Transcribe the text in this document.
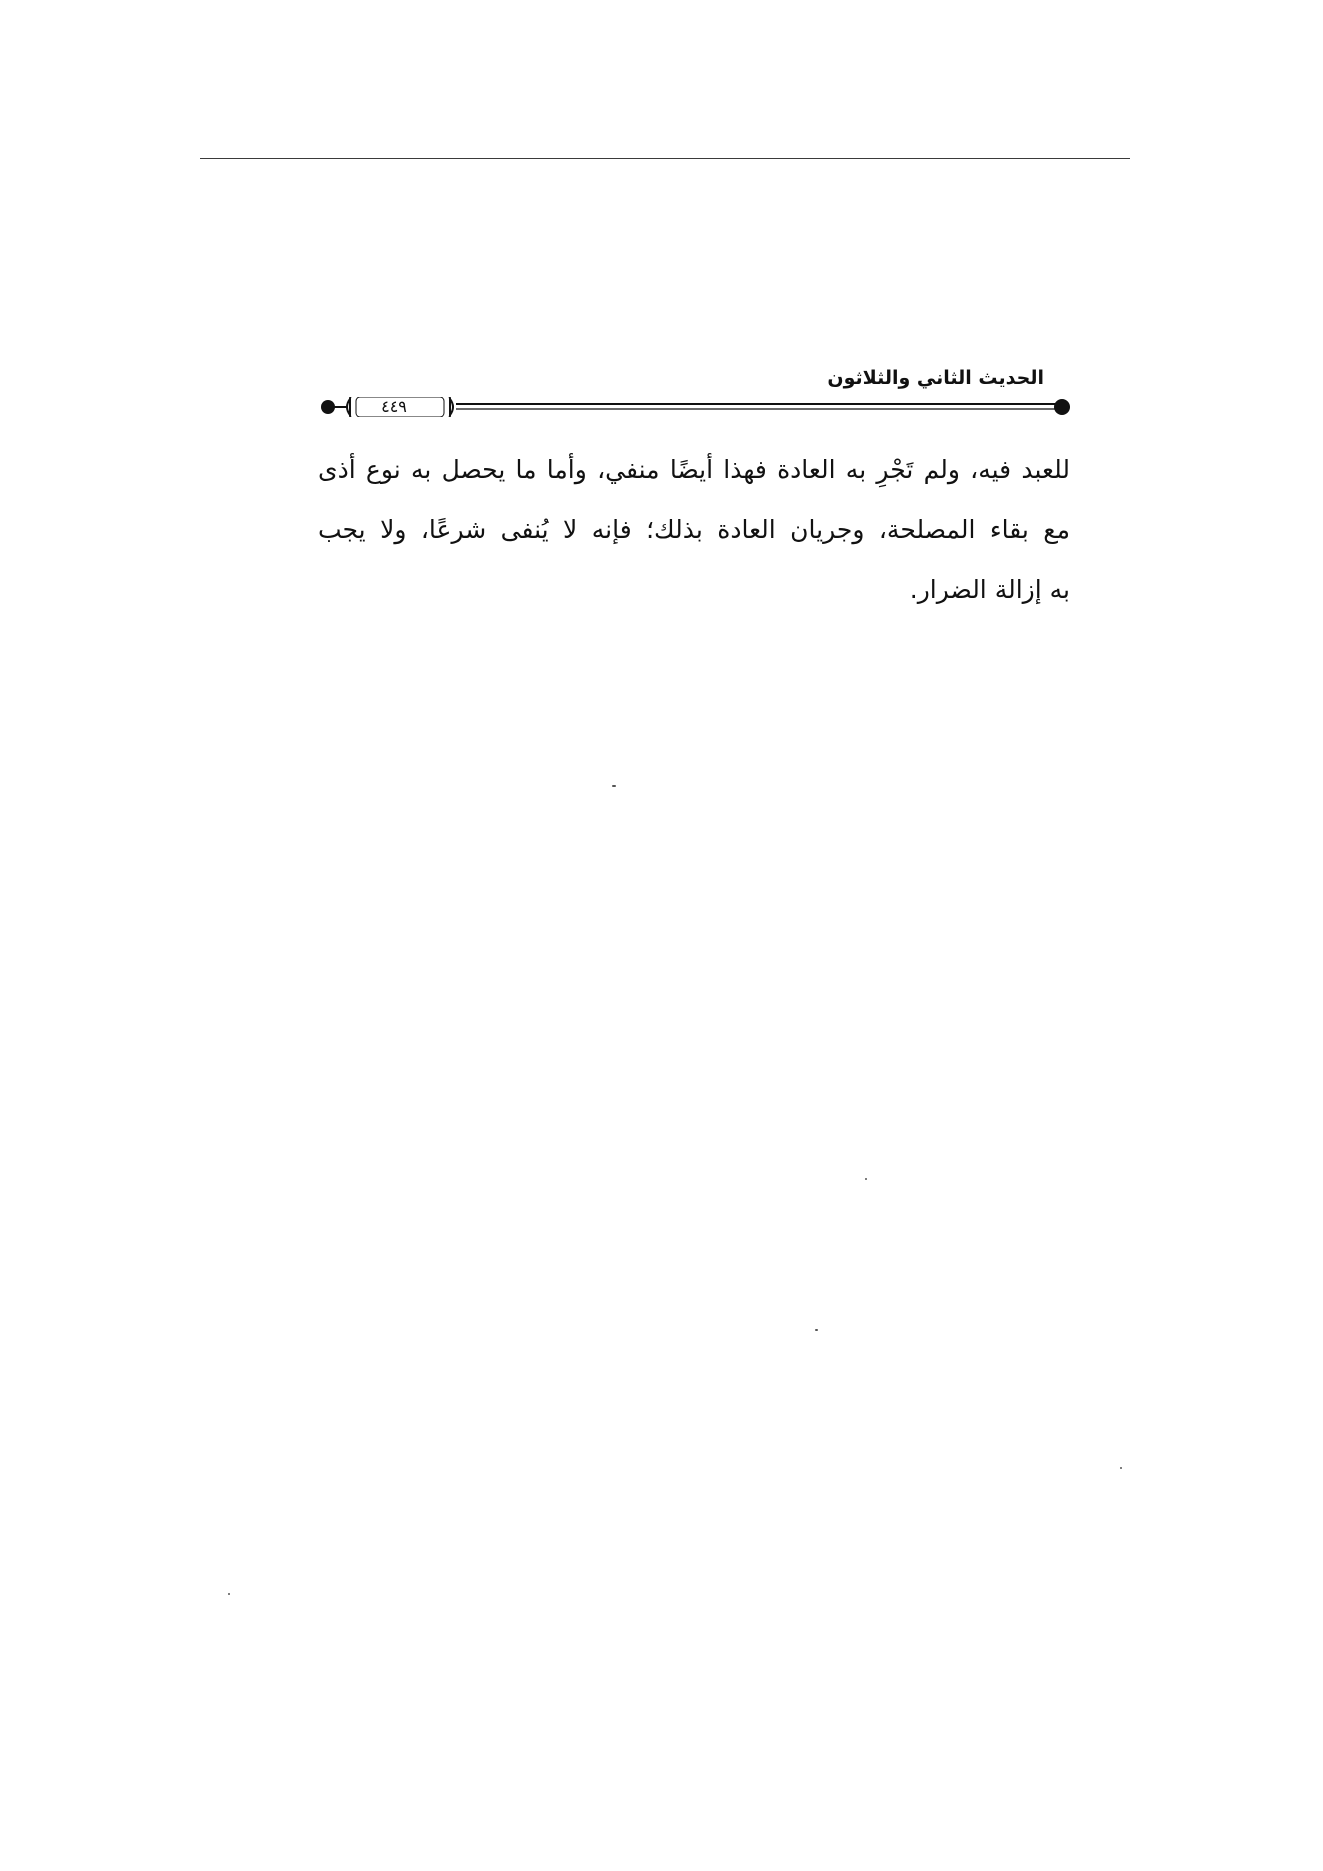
الحديث الثاني والثلاثون
٤٤٩
للعبد فيه، ولم تَجْرِ به العادة فهذا أيضًا منفي، وأما ما يحصل به نوع أذى
مع بقاء المصلحة، وجريان العادة بذلك؛ فإنه لا يُنفى شرعًا، ولا يجب
به إزالة الضرار.
